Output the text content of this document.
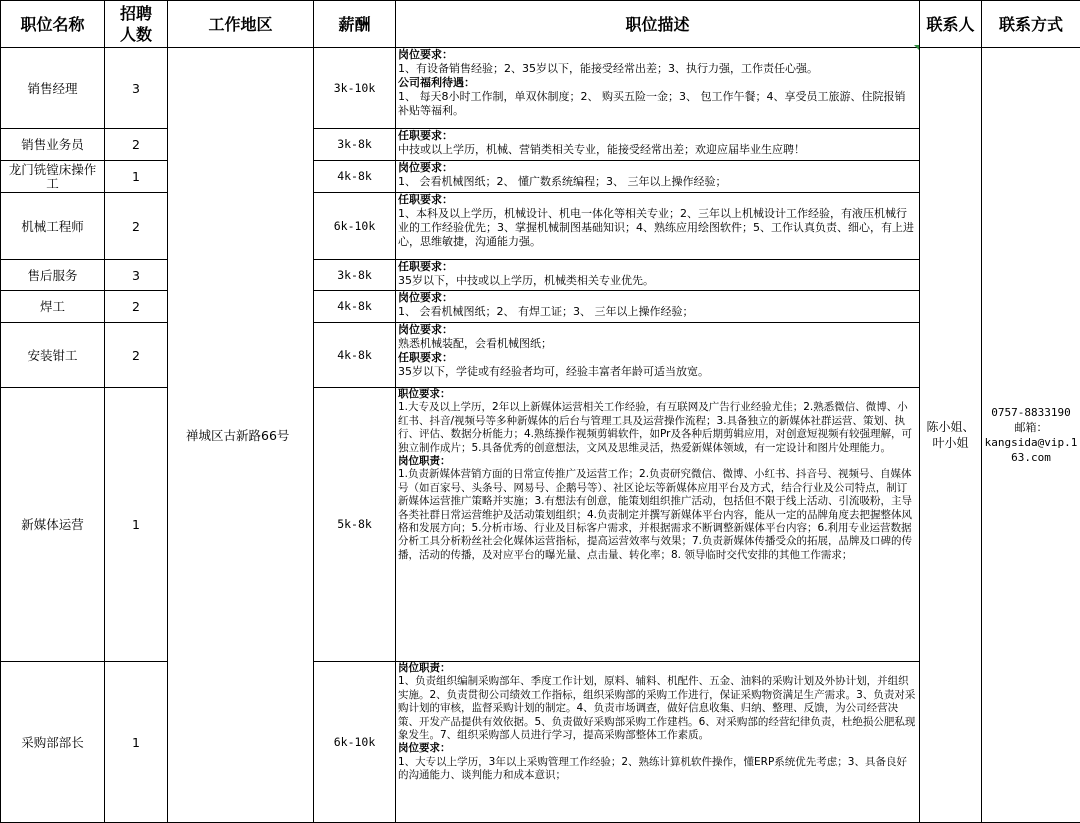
职位名称	招聘人数	工作地区	薪酬	职位描述	联系人	联系方式
销售经理	3	禅城区古新路66号	3k-10k	岗位要求：
1、有设备销售经验；2、35岁以下，能接受经常出差；3、执行力强，工作责任心强。
公司福利待遇：
1、 每天8小时工作制，单双休制度；2、 购买五险一金；3、 包工作午餐；4、享受员工旅游、住院报销补贴等福利。	陈小姐、叶小姐	0757-8833190
邮箱：
kangsida@vip.163.com

销售业务员	2		3k-8k	任职要求：
中技或以上学历，机械、营销类相关专业，能接受经常出差；欢迎应届毕业生应聘！		

龙门铣镗床操作工	1		4k-8k	岗位要求：
1、 会看机械图纸；2、 懂广数系统编程；3、 三年以上操作经验；		

机械工程师	2		6k-10k	任职要求：
1、本科及以上学历，机械设计、机电一体化等相关专业；2、三年以上机械设计工作经验，有液压机械行业的工作经验优先；3、掌握机械制图基础知识；4、熟练应用绘图软件；5、工作认真负责、细心，有上进心，思维敏捷，沟通能力强。		

售后服务	3		3k-8k	任职要求：
35岁以下，中技或以上学历，机械类相关专业优先。		

焊工	2		4k-8k	岗位要求：
1、 会看机械图纸；2、 有焊工证；3、 三年以上操作经验；		

安装钳工	2		4k-8k	岗位要求：
熟悉机械装配，会看机械图纸；
任职要求：
35岁以下，学徒或有经验者均可，经验丰富者年龄可适当放宽。		

新媒体运营	1		5k-8k	职位要求：
1.大专及以上学历，2年以上新媒体运营相关工作经验，有互联网及广告行业经验尤佳；2.熟悉微信、微博、小红书、抖音/视频号等多种新媒体的后台与管理工具及运营操作流程；3.具备独立的新媒体社群运营、策划、执行、评估、数据分析能力；4.熟练操作视频剪辑软件，如Pr及各种后期剪辑应用，对创意短视频有较强理解，可独立制作成片；5.具备优秀的创意想法，文风及思维灵活，热爱新媒体领域，有一定设计和图片处理能力。
岗位职责：
1.负责新媒体营销方面的日常宣传推广及运营工作；2.负责研究微信、微博、小红书、抖音号、视频号、自媒体号（如百家号、头条号、网易号、企鹅号等）、社区论坛等新媒体应用平台及方式，结合行业及公司特点，制订新媒体运营推广策略并实施；3.有想法有创意，能策划组织推广活动，包括但不限于线上活动、引流吸粉，主导各类社群日常运营维护及活动策划组织；4.负责制定并撰写新媒体平台内容，能从一定的品牌角度去把握整体风格和发展方向；5.分析市场、行业及目标客户需求，并根据需求不断调整新媒体平台内容；6.利用专业运营数据分析工具分析粉丝社会化媒体运营指标，提高运营效率与效果；7.负责新媒体传播受众的拓展，品牌及口碑的传播，活动的传播，及对应平台的曝光量、点击量、转化率；8. 领导临时交代安排的其他工作需求；		

采购部部长	1		6k-10k	岗位职责：
1、负责组织编制采购部年、季度工作计划，原料、辅料、机配件、五金、油料的采购计划及外协计划，并组织实施。2、负责贯彻公司绩效工作指标，组织采购部的采购工作进行，保证采购物资满足生产需求。3、负责对采购计划的审核，监督采购计划的制定。4、负责市场调查，做好信息收集、归纳、整理、反馈，为公司经营决策、开发产品提供有效依据。5、负责做好采购部采购工作建档。6、对采购部的经营纪律负责，杜绝损公肥私现象发生。7、组织采购部人员进行学习，提高采购部整体工作素质。
岗位要求：
1、大专以上学历，3年以上采购管理工作经验；2、熟练计算机软件操作，懂ERP系统优先考虑；3、具备良好的沟通能力、谈判能力和成本意识；		
